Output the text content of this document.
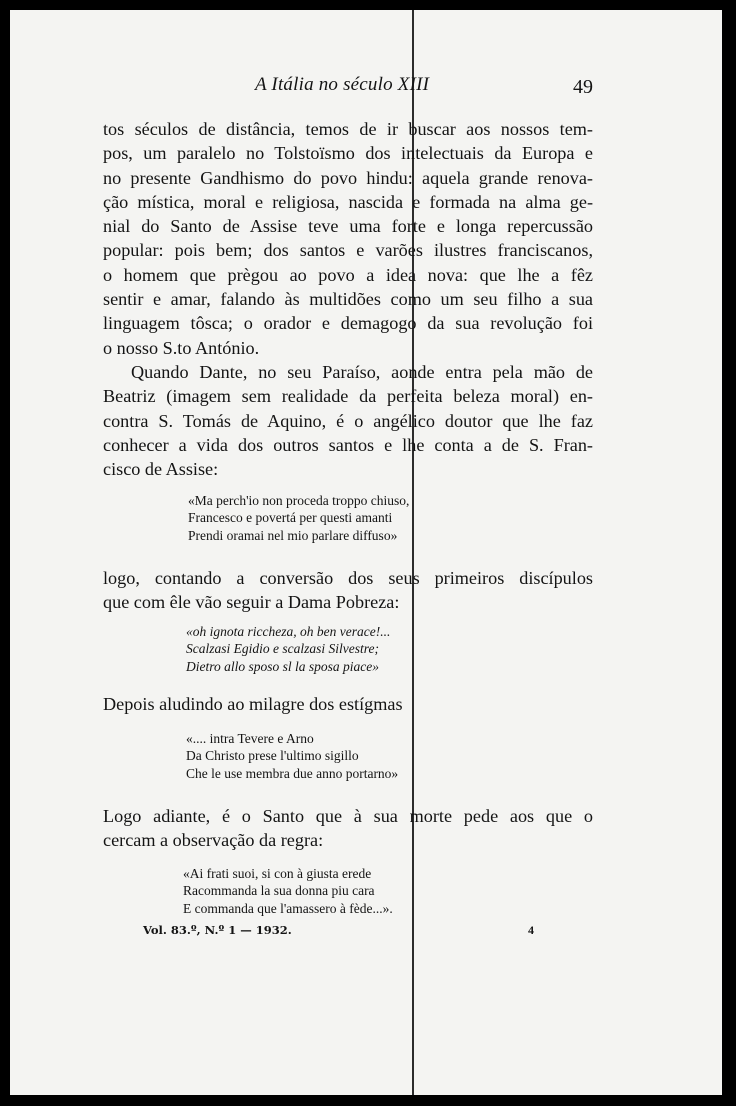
A Itália no século XIII	49
tos séculos de distância, temos de ir buscar aos nossos tem-
pos, um paralelo no Tolstoïsmo dos intelectuais da Europa e
no presente Gandhismo do povo hindu: aquela grande renova-
ção mística, moral e religiosa, nascida e formada na alma ge-
nial do Santo de Assise teve uma forte e longa repercussão
popular: pois bem; dos santos e varões ilustres franciscanos,
o homem que prègou ao povo a idea nova: que lhe a fêz
sentir e amar, falando às multidões como um seu filho a sua
linguagem tôsca; o orador e demagogo da sua revolução foi
o nosso S.to António.
Quando Dante, no seu Paraíso, aonde entra pela mão de
Beatriz (imagem sem realidade da perfeita beleza moral) en-
contra S. Tomás de Aquino, é o angélico doutor que lhe faz
conhecer a vida dos outros santos e lhe conta a de S. Fran-
cisco de Assise:
«Ma perch'io non proceda troppo chiuso,
Francesco e povertá per questi amanti
Prendi oramai nel mio parlare diffuso»
logo, contando a conversão dos seus primeiros discípulos
que com êle vão seguir a Dama Pobreza:
«oh ignota riccheza, oh ben verace!...
Scalzasi Egidio e scalzasi Silvestre;
Dietro allo sposo sl la sposa piace»
Depois aludindo ao milagre dos estígmas
«.... intra Tevere e Arno
Da Christo prese l'ultimo sigillo
Che le use membra due anno portarno»
Logo adiante, é o Santo que à sua morte pede aos que o
cercam a observação da regra:
«Ai frati suoi, si con à giusta erede
Racommanda la sua donna piu cara
E commanda que l'amassero à fède...».
Vol. 83.º, N.º 1 — 1932.	4
